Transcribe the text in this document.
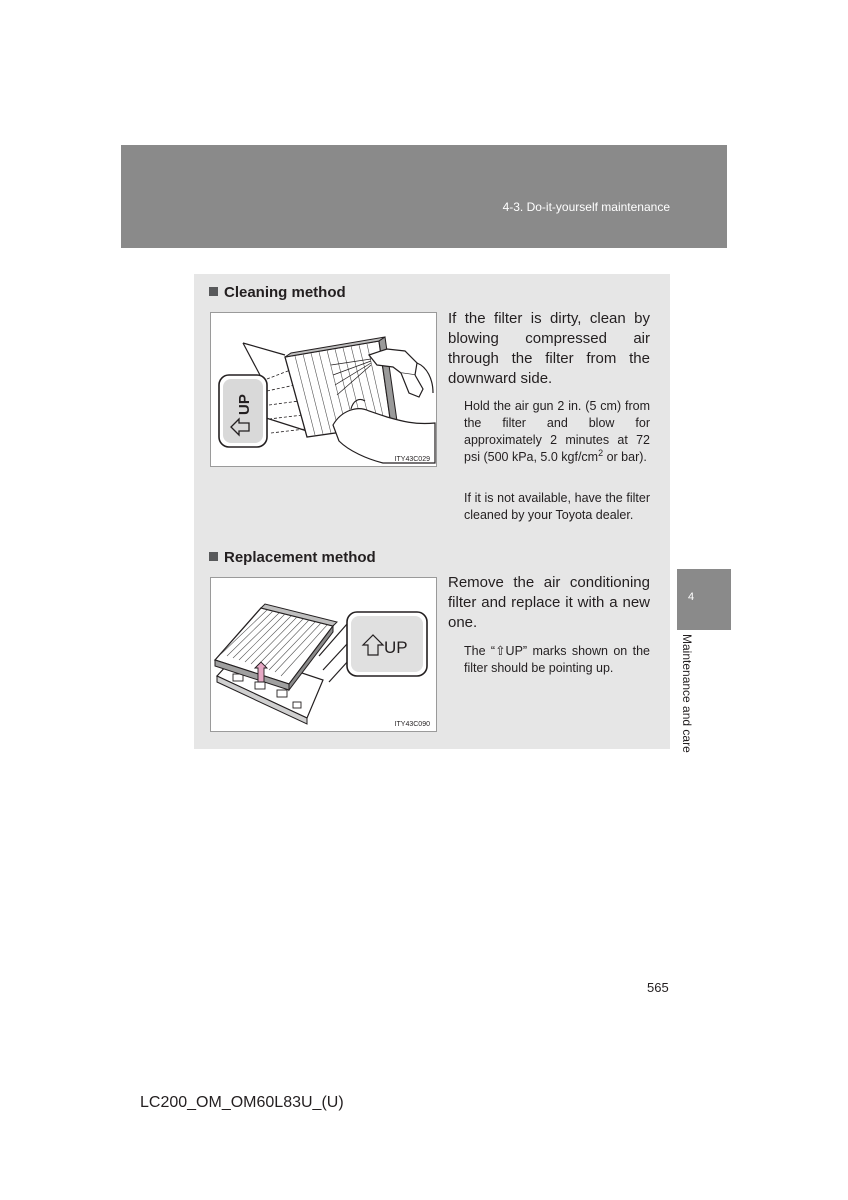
4-3. Do-it-yourself maintenance
4
Maintenance and care
Cleaning method
UP
ITY43C029
If the filter is dirty, clean by blowing compressed air through the filter from the downward side.
Hold the air gun 2 in. (5 cm) from the filter and blow for approximately 2 minutes at 72 psi (500 kPa, 5.0 kgf/$cm^2$ or bar).
If it is not available, have the filter cleaned by your Toyota dealer.
Replacement method
UP
ITY43C090
Remove the air conditioning filter and replace it with a new one.
The “⇧UP” marks shown on the filter should be pointing up.
565
LC200_OM_OM60L83U_(U)
